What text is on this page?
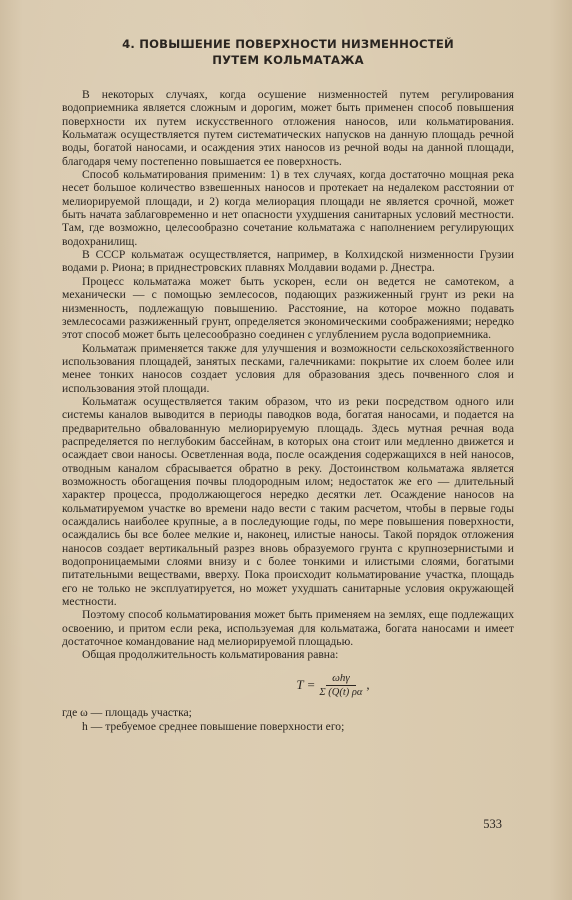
4. ПОВЫШЕНИЕ ПОВЕРХНОСТИ НИЗМЕННОСТЕЙ
ПУТЕМ КОЛЬМАТАЖА

В некоторых случаях, когда осушение низменностей путем регулирования водоприемника является сложным и дорогим, может быть применен способ повышения поверхности их путем искусственного отложения наносов, или кольматирования. Кольматаж осуществляется путем систематических напусков на данную площадь речной воды, богатой наносами, и осаждения этих наносов из речной воды на данной площади, благодаря чему постепенно повышается ее поверхность.

Способ кольматирования применим: 1) в тех случаях, когда достаточно мощная река несет большое количество взвешенных наносов и протекает на недалеком расстоянии от мелиорируемой площади, и 2) когда мелиорация площади не является срочной, может быть начата заблаговременно и нет опасности ухудшения санитарных условий местности. Там, где возможно, целесообразно сочетание кольматажа с наполнением регулирующих водохранилищ.

В СССР кольматаж осуществляется, например, в Колхидской низменности Грузии водами р. Риона; в приднестровских плавнях Молдавии водами р. Днестра.

Процесс кольматажа может быть ускорен, если он ведется не самотеком, а механически — с помощью землесосов, подающих разжиженный грунт из реки на низменность, подлежащую повышению. Расстояние, на которое можно подавать землесосами разжиженный грунт, определяется экономическими соображениями; нередко этот способ может быть целесообразно соединен с углублением русла водоприемника.

Кольматаж применяется также для улучшения и возможности сельскохозяйственного использования площадей, занятых песками, галечниками: покрытие их слоем более или менее тонких наносов создает условия для образования здесь почвенного слоя и использования этой площади.

Кольматаж осуществляется таким образом, что из реки посредством одного или системы каналов выводится в периоды паводков вода, богатая наносами, и подается на предварительно обвалованную мелиорируемую площадь. Здесь мутная речная вода распределяется по неглубоким бассейнам, в которых она стоит или медленно движется и осаждает свои наносы. Осветленная вода, после осаждения содержащихся в ней наносов, отводным каналом сбрасывается обратно в реку. Достоинством кольматажа является возможность обогащения почвы плодородным илом; недостаток же его — длительный характер процесса, продолжающегося нередко десятки лет. Осаждение наносов на кольматируемом участке во времени надо вести с таким расчетом, чтобы в первые годы осаждались наиболее крупные, а в последующие годы, по мере повышения поверхности, осаждались бы все более мелкие и, наконец, илистые наносы. Такой порядок отложения наносов создает вертикальный разрез вновь образуемого грунта с крупнозернистыми и водопроницаемыми слоями внизу и с более тонкими и илистыми слоями, богатыми питательными веществами, вверху. Пока происходит кольматирование участка, площадь его не только не эксплуатируется, но может ухудшать санитарные условия окружающей местности.

Поэтому способ кольматирования может быть применяем на землях, еще подлежащих освоению, и притом если река, используемая для кольматажа, богата наносами и имеет достаточное командование над мелиорируемой площадью.

Общая продолжительность кольматирования равна:

$T = \frac{\text{ωhγ}}{\Sigma (Q(t) \rho\alpha}$ ,
где ω — площадь участка;
h — требуемое среднее повышение поверхности его;
533
